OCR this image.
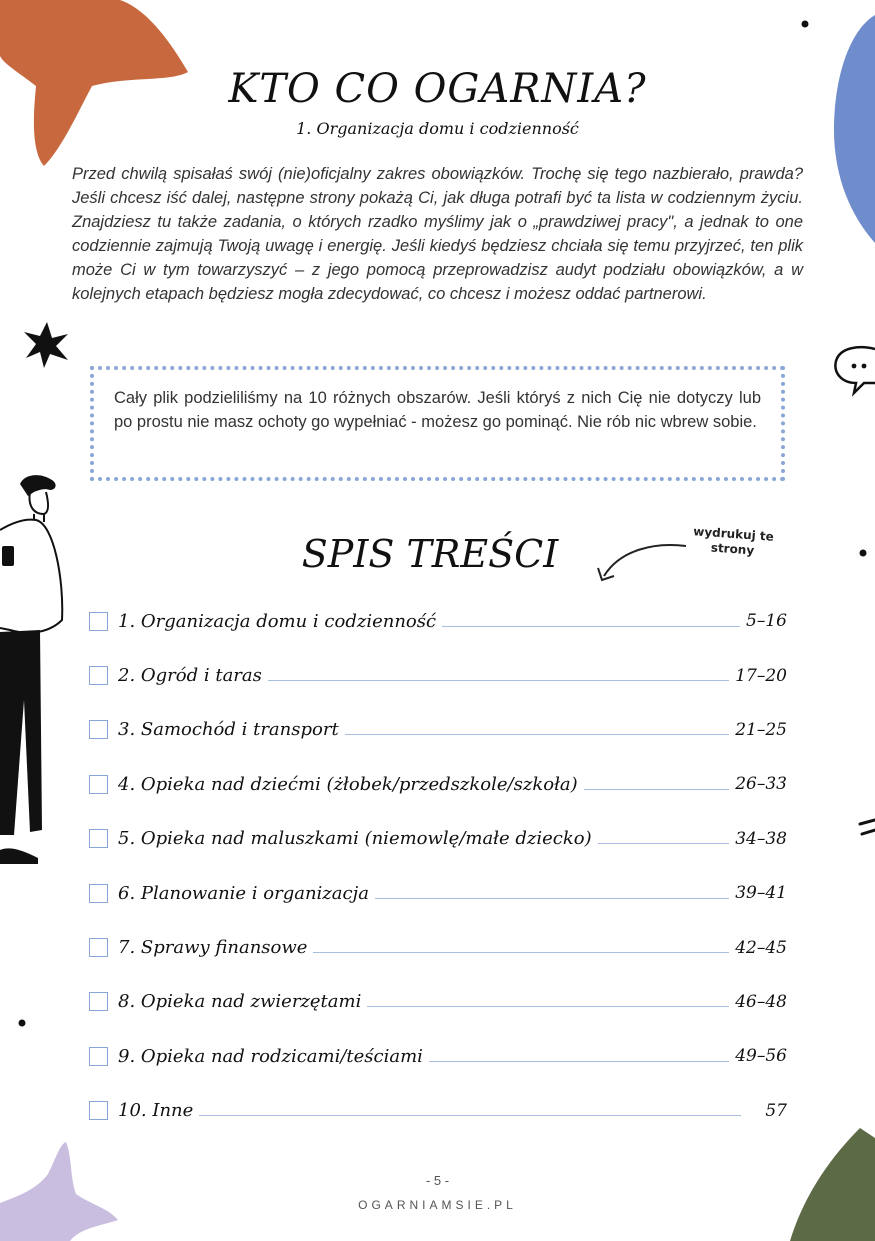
KTO CO OGARNIA?
1. Organizacja domu i codzienność

Przed chwilą spisałaś swój (nie)oficjalny zakres obowiązków. Trochę się tego nazbierało, prawda? Jeśli chcesz iść dalej, następne strony pokażą Ci, jak długa potrafi być ta lista w codziennym życiu. Znajdziesz tu także zadania, o których rzadko myślimy jak o „prawdziwej pracy", a jednak to one codziennie zajmują Twoją uwagę i energię. Jeśli kiedyś będziesz chciała się temu przyjrzeć, ten plik może Ci w tym towarzyszyć – z jego pomocą przeprowadzisz audyt podziału obowiązków, a w kolejnych etapach będziesz mogła zdecydować, co chcesz i możesz oddać partnerowi.

Cały plik podzieliliśmy na 10 różnych obszarów. Jeśli któryś z nich Cię nie dotyczy lub po prostu nie masz ochoty go wypełniać - możesz go pominąć. Nie rób nic wbrew sobie.

SPIS TREŚCI	wydrukuj te
strony
1. Organizacja domu i codzienność	5–16
2. Ogród i taras	17–20
3. Samochód i transport	21–25
4. Opieka nad dziećmi (żłobek/przedszkole/szkoła)	26–33
5. Opieka nad maluszkami (niemowlę/małe dziecko)	34–38
6. Planowanie i organizacja	39–41
7. Sprawy finansowe	42–45
8. Opieka nad zwierzętami	46–48
9. Opieka nad rodzicami/teściami	49–56
10. Inne	57
- 5 -
OGARNIAMSIE.PL
